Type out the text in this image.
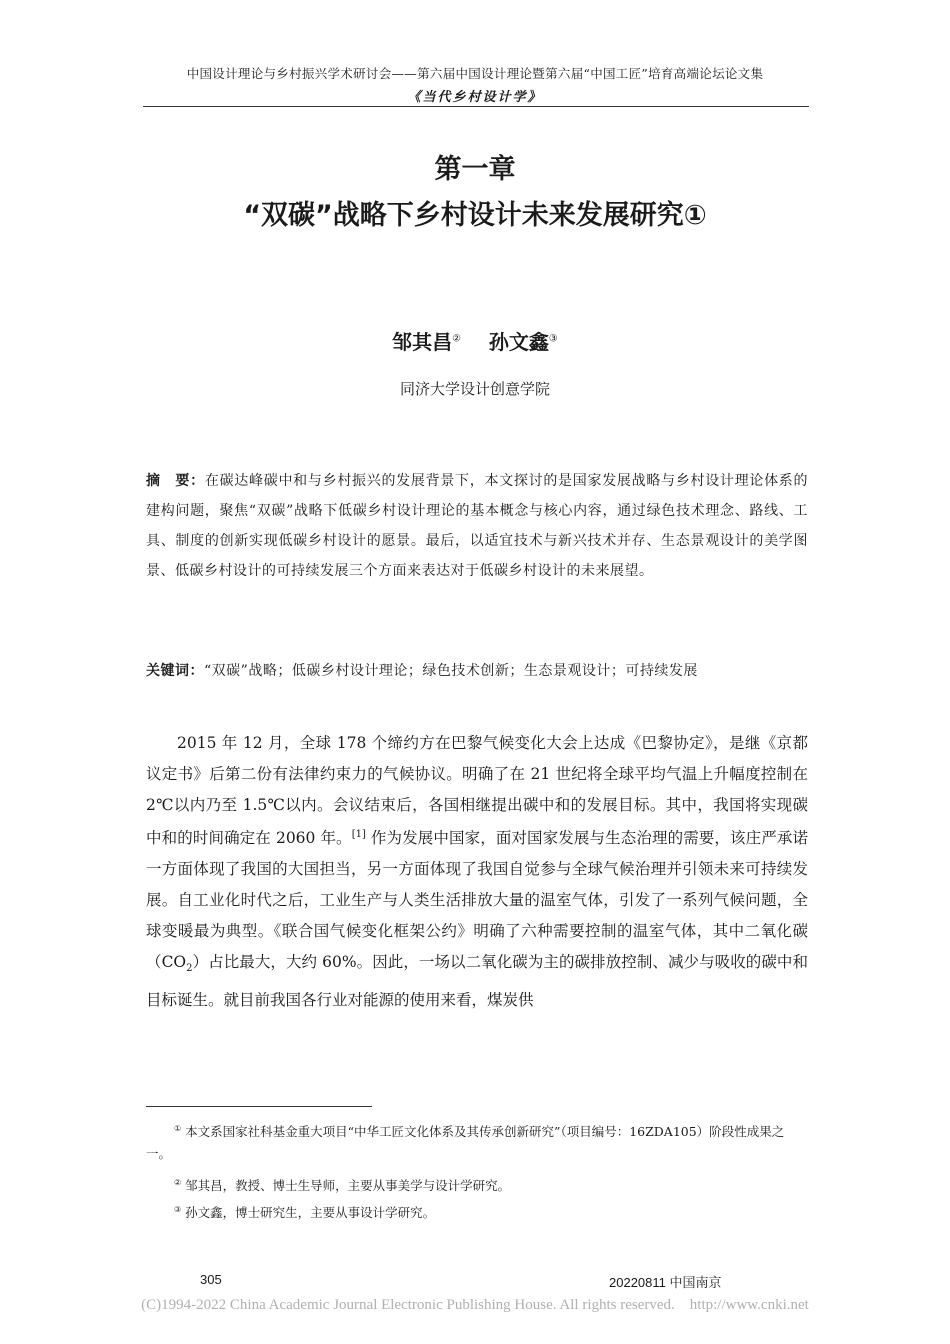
中国设计理论与乡村振兴学术研讨会——第六届中国设计理论暨第六届“中国工匠”培育高端论坛论文集
《当代乡村设计学》
第一章
“双碳”战略下乡村设计未来发展研究①
邹其昌② 孙文鑫③
同济大学设计创意学院
摘　要：在碳达峰碳中和与乡村振兴的发展背景下，本文探讨的是国家发展战略与乡村设计理论体系的建构问题，聚焦“双碳”战略下低碳乡村设计理论的基本概念与核心内容，通过绿色技术理念、路线、工具、制度的创新实现低碳乡村设计的愿景。最后，以适宜技术与新兴技术并存、生态景观设计的美学图景、低碳乡村设计的可持续发展三个方面来表达对于低碳乡村设计的未来展望。
关键词：“双碳”战略；低碳乡村设计理论；绿色技术创新；生态景观设计；可持续发展
2015 年 12 月，全球 178 个缔约方在巴黎气候变化大会上达成《巴黎协定》，是继《京都议定书》后第二份有法律约束力的气候协议。明确了在 21 世纪将全球平均气温上升幅度控制在 2℃以内乃至 1.5℃以内。会议结束后，各国相继提出碳中和的发展目标。其中，我国将实现碳中和的时间确定在 2060 年。[1] 作为发展中国家，面对国家发展与生态治理的需要，该庄严承诺一方面体现了我国的大国担当，另一方面体现了我国自觉参与全球气候治理并引领未来可持续发展。自工业化时代之后，工业生产与人类生活排放大量的温室气体，引发了一系列气候问题，全球变暖最为典型。《联合国气候变化框架公约》明确了六种需要控制的温室气体，其中二氧化碳$(CO_2)$占比最大，大约 60%。因此，一场以二氧化碳为主的碳排放控制、减少与吸收的碳中和目标诞生。就目前我国各行业对能源的使用来看，煤炭供
① 本文系国家社科基金重大项目“中华工匠文化体系及其传承创新研究”（项目编号：16ZDA105）阶段性成果之一。
② 邹其昌，教授、博士生导师，主要从事美学与设计学研究。
③ 孙文鑫，博士研究生，主要从事设计学研究。
305	20220811 中国南京
(C)1994-2022 China Academic Journal Electronic Publishing House. All rights reserved.    http://www.cnki.net
